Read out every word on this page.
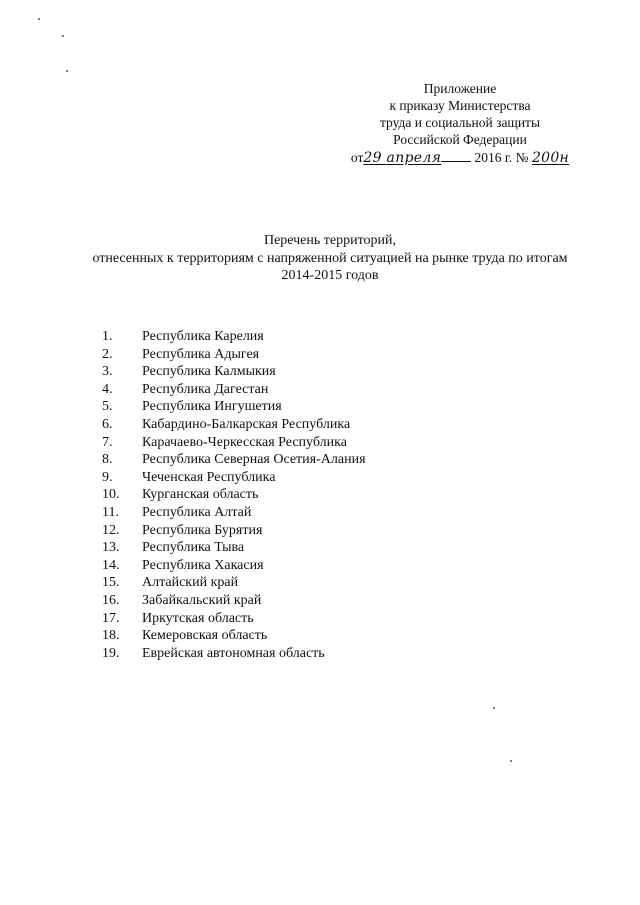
Приложение
к приказу Министерства
труда и социальной защиты
Российской Федерации
от29 апреля 2016 г. № 200н
Перечень территорий,
отнесенных к территориям с напряженной ситуацией на рынке труда по итогам
2014-2015 годов
1.	Республика Карелия
2.	Республика Адыгея
3.	Республика Калмыкия
4.	Республика Дагестан
5.	Республика Ингушетия
6.	Кабардино-Балкарская Республика
7.	Карачаево-Черкесская Республика
8.	Республика Северная Осетия-Алания
9.	Чеченская Республика
10.	Курганская область
11.	Республика Алтай
12.	Республика Бурятия
13.	Республика Тыва
14.	Республика Хакасия
15.	Алтайский край
16.	Забайкальский край
17.	Иркутская область
18.	Кемеровская область
19.	Еврейская автономная область
